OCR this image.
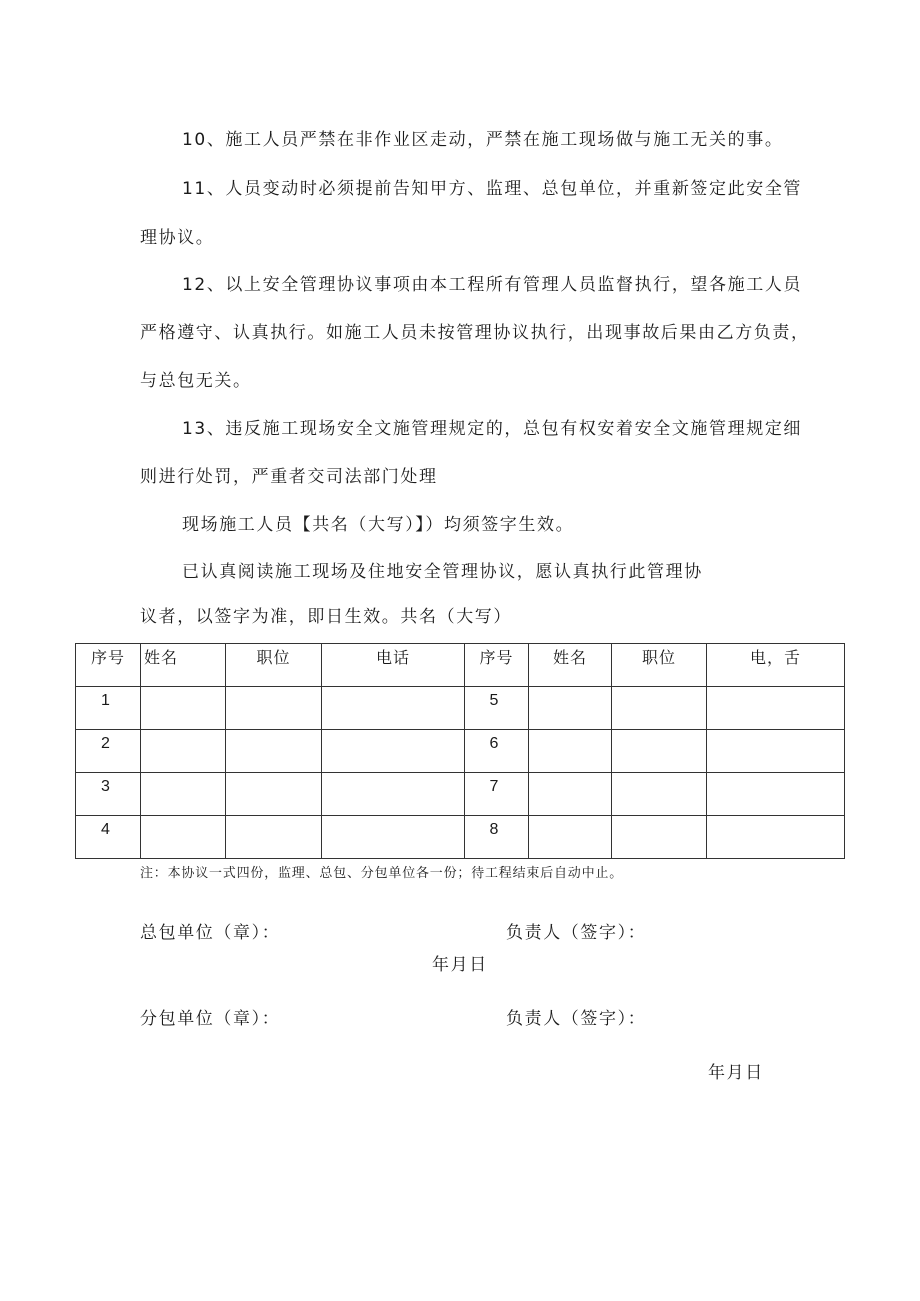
10、施工人员严禁在非作业区走动，严禁在施工现场做与施工无关的事。
11、人员变动时必须提前告知甲方、监理、总包单位，并重新签定此安全管
理协议。
12、以上安全管理协议事项由本工程所有管理人员监督执行，望各施工人员
严格遵守、认真执行。如施工人员未按管理协议执行，出现事故后果由乙方负责，
与总包无关。
13、违反施工现场安全文施管理规定的，总包有权安着安全文施管理规定细
则进行处罚，严重者交司法部门处理
现场施工人员【共名（大写）】）均须签字生效。
已认真阅读施工现场及住地安全管理协议，愿认真执行此管理协
议者，以签字为准，即日生效。共名（大写）
序号	姓名	职位	电话	序号	姓名	职位	电，舌
1				5			
2				6			
3				7			
4				8			
注：本协议一式四份，监理、总包、分包单位各一份；待工程结束后自动中止。
总包单位（章）：	负责人（签字）：
年月日
分包单位（章）：	负责人（签字）：
年月日
